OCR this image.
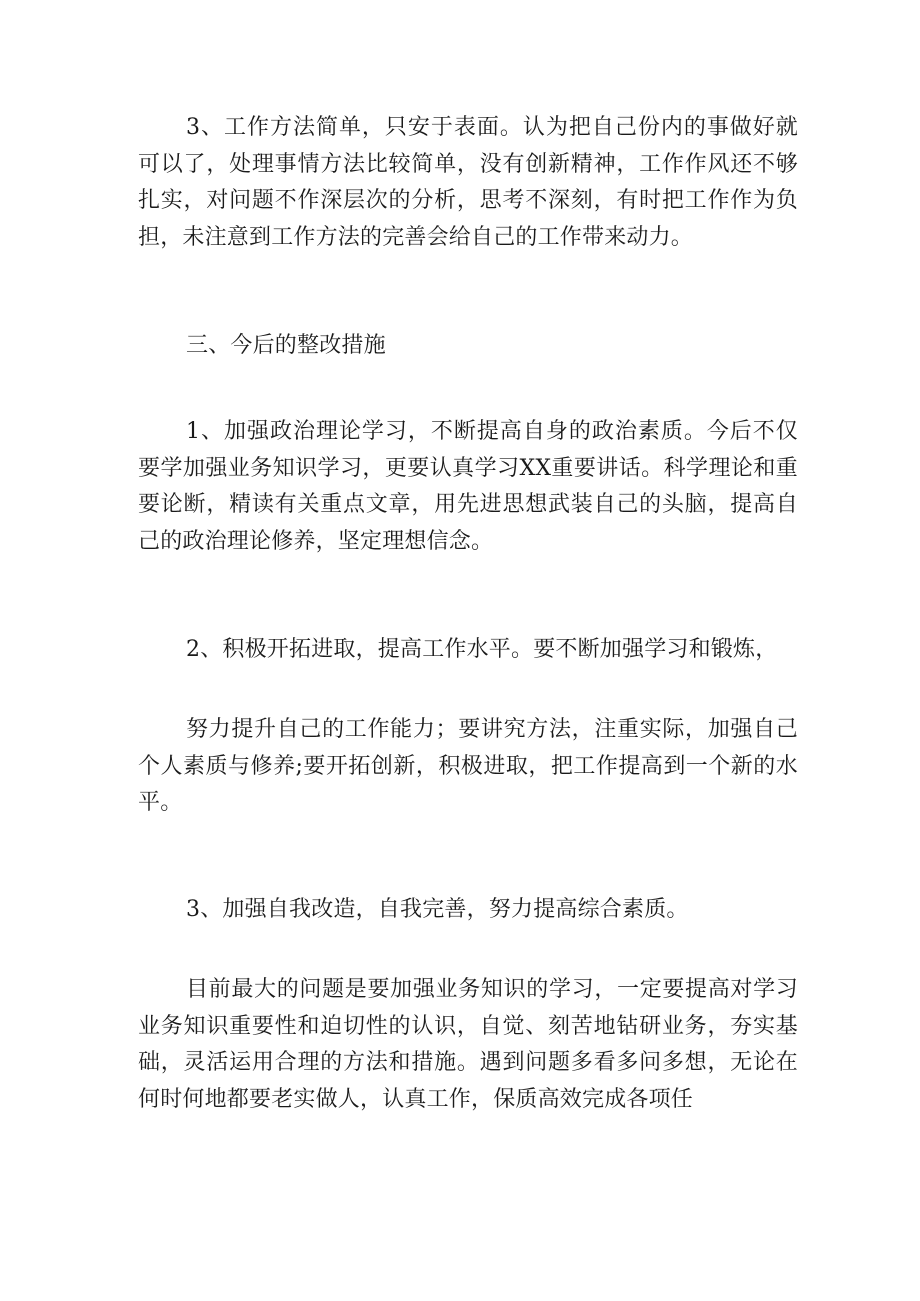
3、工作方法简单，只安于表面。认为把自己份内的事做好就可以了，处理事情方法比较简单，没有创新精神，工作作风还不够扎实，对问题不作深层次的分析，思考不深刻，有时把工作作为负担，未注意到工作方法的完善会给自己的工作带来动力。

三、今后的整改措施

1、加强政治理论学习，不断提高自身的政治素质。今后不仅要学加强业务知识学习，更要认真学习XX重要讲话。科学理论和重要论断，精读有关重点文章，用先进思想武装自己的头脑，提高自己的政治理论修养，坚定理想信念。

2、积极开拓进取，提高工作水平。要不断加强学习和锻炼，

努力提升自己的工作能力；要讲究方法，注重实际，加强自己个人素质与修养;要开拓创新，积极进取，把工作提高到一个新的水平。

3、加强自我改造，自我完善，努力提高综合素质。

目前最大的问题是要加强业务知识的学习，一定要提高对学习业务知识重要性和迫切性的认识，自觉、刻苦地钻研业务，夯实基础，灵活运用合理的方法和措施。遇到问题多看多问多想，无论在何时何地都要老实做人，认真工作，保质高效完成各项任
